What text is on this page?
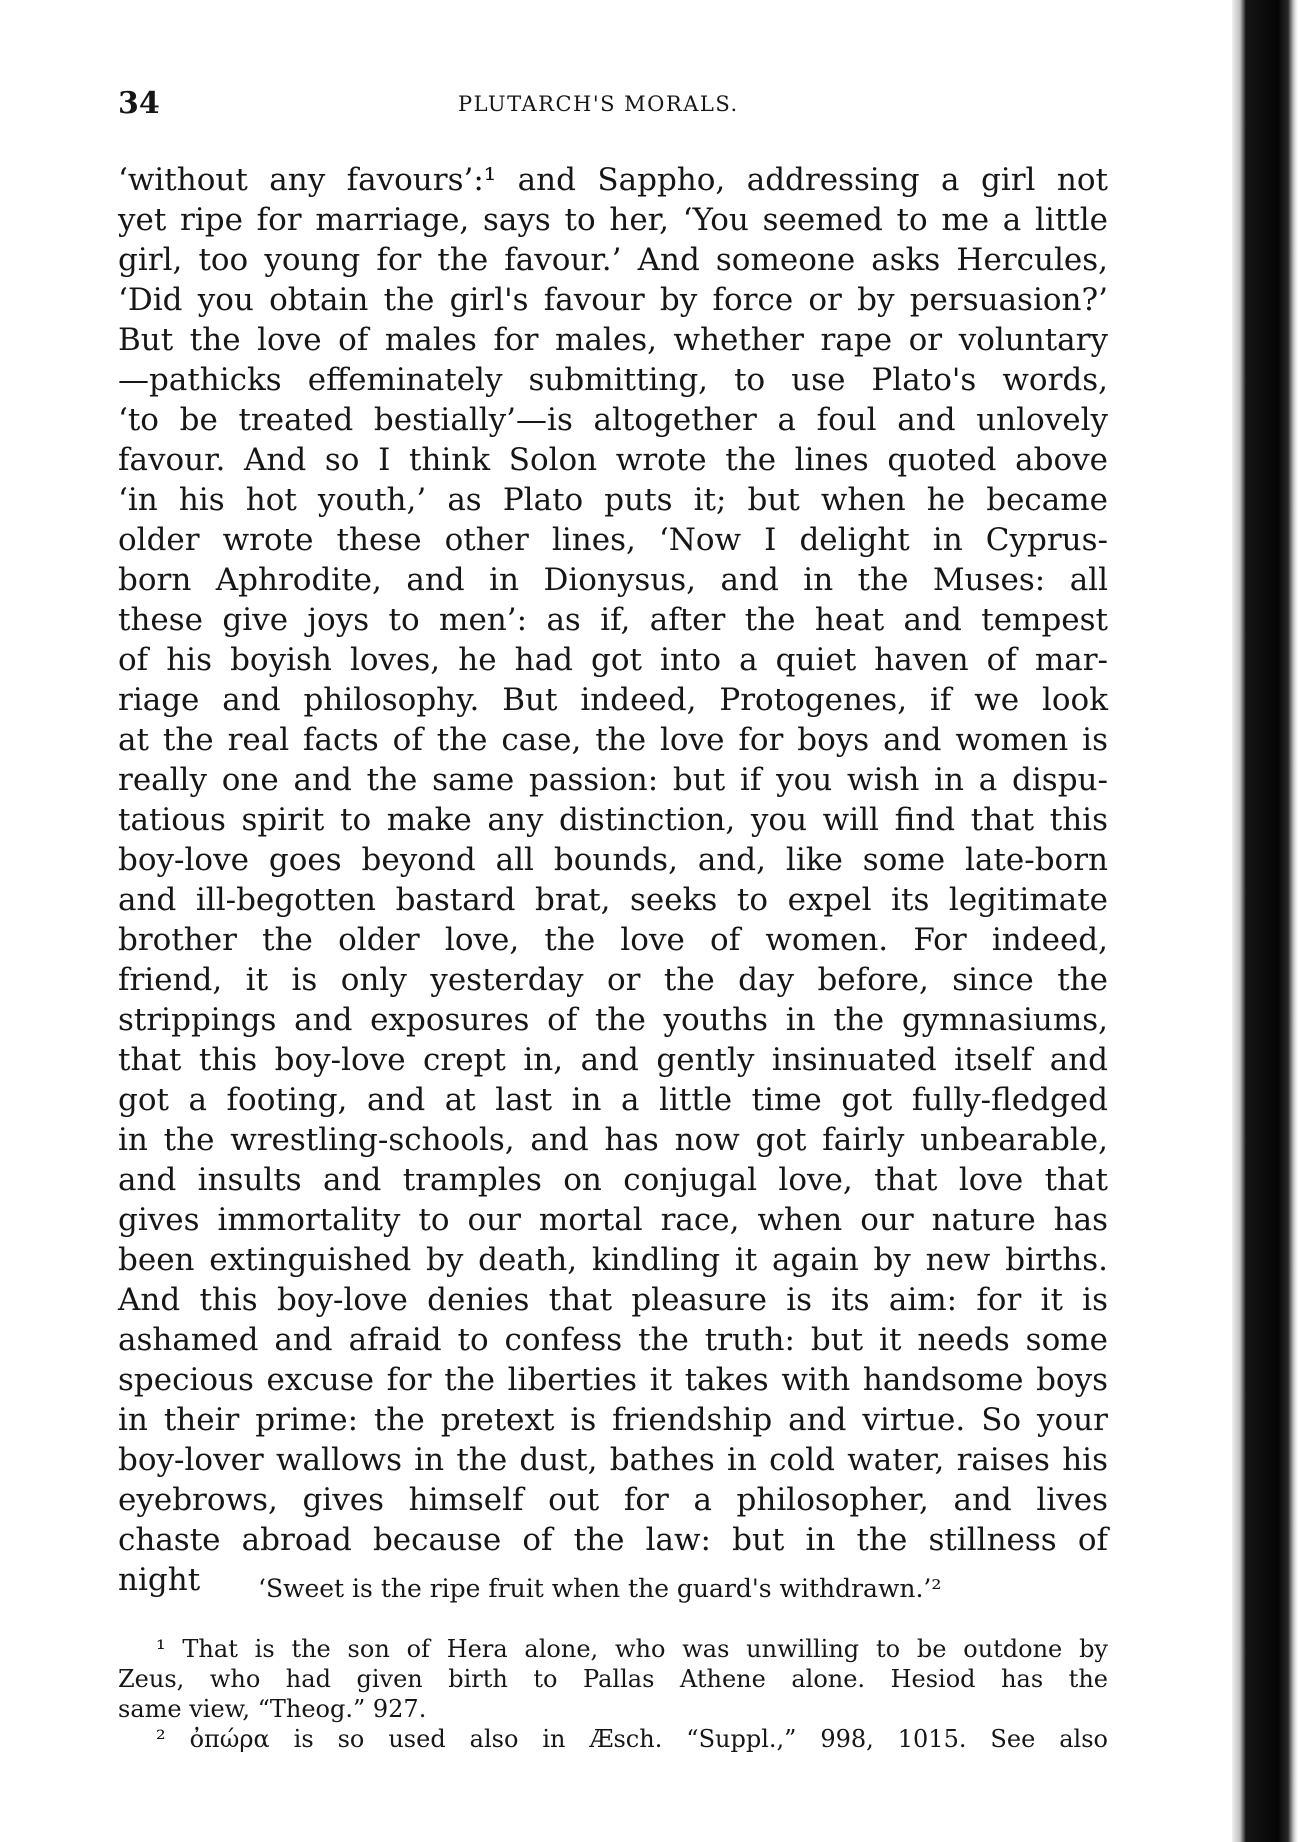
34	PLUTARCH'S MORALS.
‘without any favours’:¹ and Sappho, addressing a girl not
yet ripe for marriage, says to her, ‘You seemed to me a little
girl, too young for the favour.’ And someone asks Hercules,
‘Did you obtain the girl's favour by force or by persuasion?’
But the love of males for males, whether rape or voluntary
—pathicks effeminately submitting, to use Plato's words,
‘to be treated bestially’—is altogether a foul and unlovely
favour. And so I think Solon wrote the lines quoted above
‘in his hot youth,’ as Plato puts it; but when he became
older wrote these other lines, ‘Now I delight in Cyprus-
born Aphrodite, and in Dionysus, and in the Muses: all
these give joys to men’: as if, after the heat and tempest
of his boyish loves, he had got into a quiet haven of mar-
riage and philosophy. But indeed, Protogenes, if we look
at the real facts of the case, the love for boys and women is
really one and the same passion: but if you wish in a dispu-
tatious spirit to make any distinction, you will find that this
boy-love goes beyond all bounds, and, like some late-born
and ill-begotten bastard brat, seeks to expel its legitimate
brother the older love, the love of women. For indeed,
friend, it is only yesterday or the day before, since the
strippings and exposures of the youths in the gymnasiums,
that this boy-love crept in, and gently insinuated itself and
got a footing, and at last in a little time got fully-fledged
in the wrestling-schools, and has now got fairly unbearable,
and insults and tramples on conjugal love, that love that
gives immortality to our mortal race, when our nature has
been extinguished by death, kindling it again by new births.
And this boy-love denies that pleasure is its aim: for it is
ashamed and afraid to confess the truth: but it needs some
specious excuse for the liberties it takes with handsome boys
in their prime: the pretext is friendship and virtue. So your
boy-lover wallows in the dust, bathes in cold water, raises his
eyebrows, gives himself out for a philosopher, and lives
chaste abroad because of the law: but in the stillness of
night	‘Sweet is the ripe fruit when the guard's withdrawn.’²
¹ That is the son of Hera alone, who was unwilling to be outdone by
Zeus, who had given birth to Pallas Athene alone. Hesiod has the
same view, “Theog.” 927.
² ὀπώρα is so used also in Æsch. “Suppl.,” 998, 1015. See also
